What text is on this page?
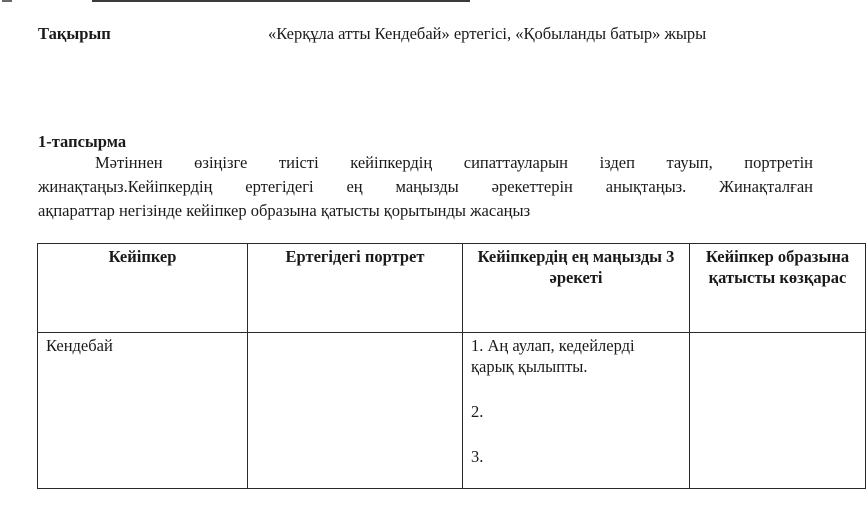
Тақырып	«Керқұла атты Кендебай» ертегісі, «Қобыланды батыр» жыры
1-тапсырма
Мәтіннен өзіңізге тиісті кейіпкердің сипаттауларын іздеп тауып, портретін
жинақтаңыз.Кейіпкердің ертегідегі ең маңызды әрекеттерін анықтаңыз. Жинақталған
ақпараттар негізінде кейіпкер образына қатысты қорытынды жасаңыз
Кейіпкер	Ертегідегі портрет	Кейіпкердің ең маңызды 3 әрекеті	Кейіпкер образына қатысты көзқарас
Кендебай		1. Аң аулап, кедейлерді қарық қылыпты.
2.
3.	
